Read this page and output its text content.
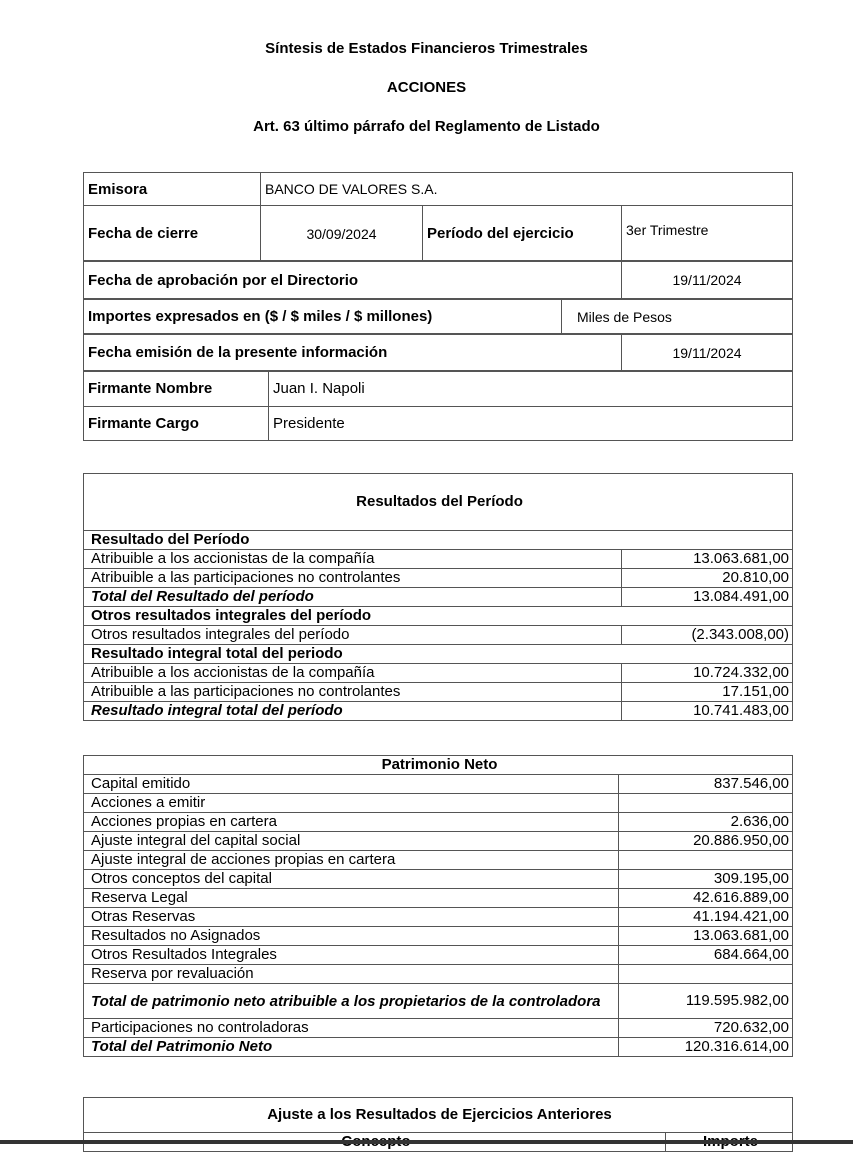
Síntesis de Estados Financieros Trimestrales
ACCIONES
Art. 63 último párrafo del Reglamento de Listado
Emisora	BANCO DE VALORES S.A.		
Fecha de cierre	30/09/2024	Período del ejercicio	3er Trimestre
Fecha de aprobación por el Directorio	19/11/2024
Importes expresados en ($ / $ miles / $ millones)	Miles de Pesos
Fecha emisión de la presente información	19/11/2024
Firmante Nombre	Juan I. Napoli
Firmante Cargo	Presidente
Resultados del Período	
Resultado del Período	
Atribuible a los accionistas de la compañía	13.063.681,00
Atribuible a las participaciones no controlantes	20.810,00
Total del Resultado del período	13.084.491,00
Otros resultados integrales del período	
Otros resultados integrales del período	(2.343.008,00)
Resultado integral total del periodo	
Atribuible a los accionistas de la compañía	10.724.332,00
Atribuible a las participaciones no controlantes	17.151,00
Resultado integral total del período	10.741.483,00
Patrimonio Neto	
Capital emitido	837.546,00
Acciones a emitir	
Acciones propias en cartera	2.636,00
Ajuste integral del capital social	20.886.950,00
Ajuste integral de acciones propias en cartera	
Otros conceptos del capital	309.195,00
Reserva Legal	42.616.889,00
Otras Reservas	41.194.421,00
Resultados no Asignados	13.063.681,00
Otros Resultados Integrales	684.664,00
Reserva por revaluación	
Total de patrimonio neto atribuible a los propietarios de la controladora	119.595.982,00
Participaciones no controladoras	720.632,00
Total del Patrimonio Neto	120.316.614,00
Ajuste a los Resultados de Ejercicios Anteriores
